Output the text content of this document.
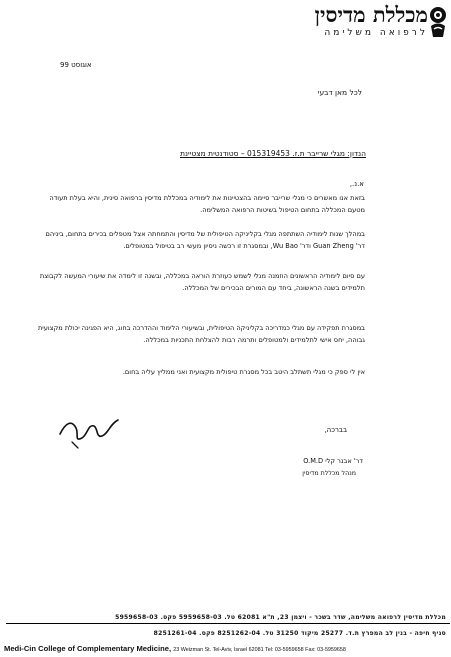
מכללת מדיסין
לרפואה משלימה
אוגוסט 99
לכל מאן דבעי
הנדון: מגלי שרייבר ת.ז. 015319453 – סטודנטית מצטיינת
א.נ.,
בזאת אנו מאשרים כי מגלי שרייבר סיימה בהצטיינות את לימודיה במכללת מדיסין ברפואה סינית, והיא בעלת תעודה מטעם המכללה בתחום הטיפול בשיטות הרפואה המשלימה.
במהלך שנות לימודיה השתתפה מגלי בקליניקה הטיפולית של מדיסין והתמחתה אצל מטפלים בכירים בתחום, ביניהם דר' Guan Zheng ודר' Wu Bao, ובמסגרת זו רכשה ניסיון מעשי רב בטיפול במטופלים.
עם סיום לימודיה הראשונים הוזמנה מגלי לשמש כעוזרת הוראה במכללה, ובשנה זו לימדה את שיעורי המעשה לקבוצת תלמידים בשנה הראשונה, ביחד עם המורים הבכירים של המכללה.
במסגרת תפקידה עם מגלי כמדריכה בקליניקה הטיפולית, ובשיעורי הלימוד וההדרכה בחוג, היא הפגינה יכולת מקצועית גבוהה, יחס אישי לתלמידים ולמטופלים ותרמה רבות להצלחת התכניות במכללה.
אין לי ספק כי מגלי תשתלב היטב בכל מסגרת טיפולית מקצועית ואני ממליץ עליה בחום.
בברכה,
דר' אבנר קלי O.M.D
מנהל מכללת מדיסין
מכללת מדיסין לרפואה משלימה, שדר בשכר - ויצמן 23, ת"א 62081 טל. 5959658-03 פקס. 5959658-03
סניף חיפה - בנין לב המפרץ ת.ד. 25277 מיקוד 31250 טל. 8251262-04 פקס. 8251261-04
Medi-Cin College of Complementary Medicine, 23 Weizman St. Tel-Aviv, Israel 62081 Tel: 03-5959658 Fax: 03-5959658
